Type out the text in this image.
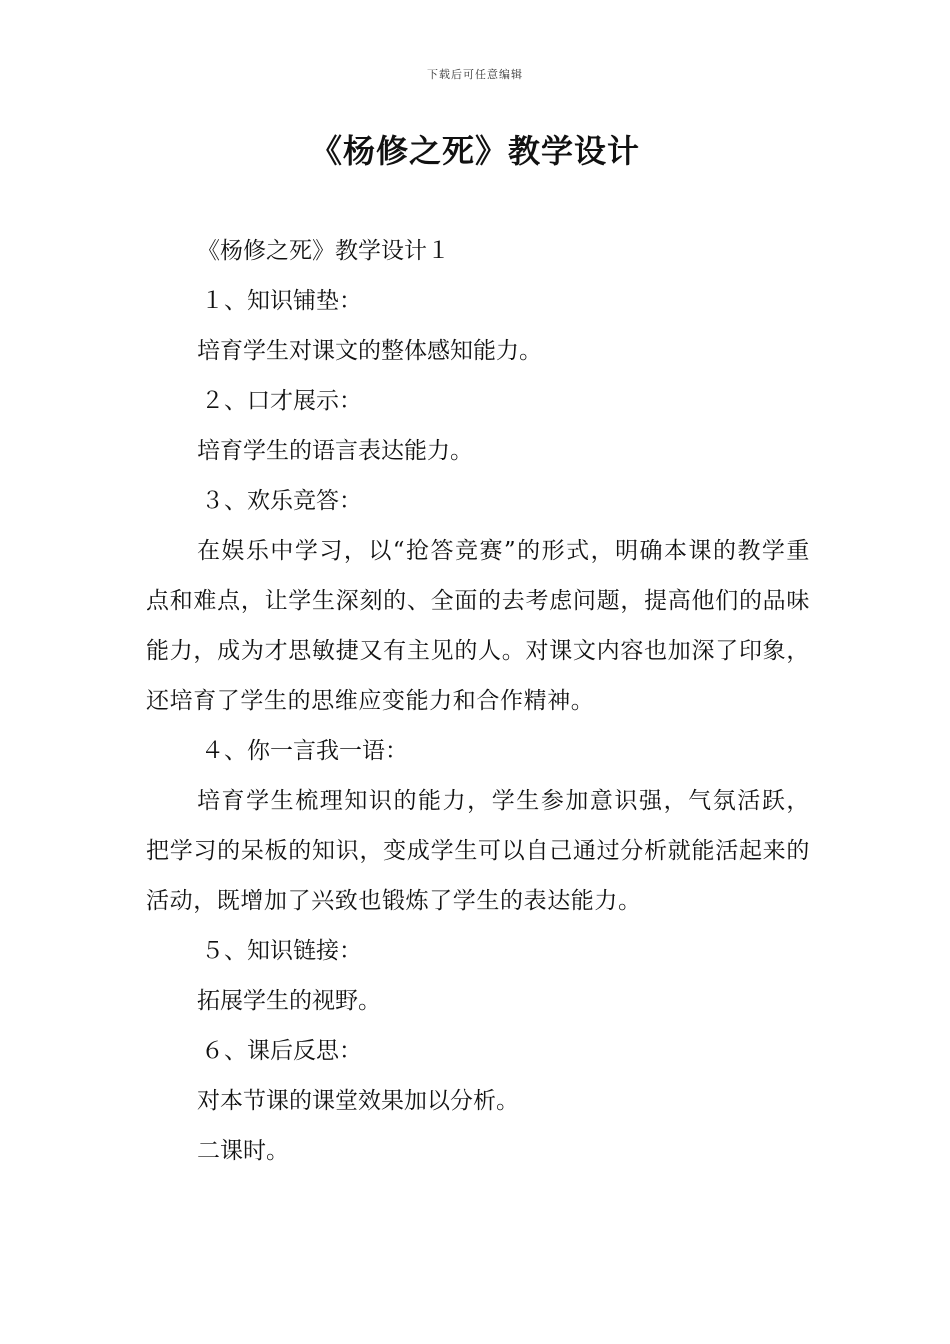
下载后可任意编辑
《杨修之死》教学设计
《杨修之死》教学设计１
１、知识铺垫：
培育学生对课文的整体感知能力。
２、口才展示：
培育学生的语言表达能力。
３、欢乐竞答：

在娱乐中学习，以“抢答竞赛”的形式，明确本课的教学重点和难点，让学生深刻的、全面的去考虑问题，提高他们的品味能力，成为才思敏捷又有主见的人。对课文内容也加深了印象，还培育了学生的思维应变能力和合作精神。

４、你一言我一语：

培育学生梳理知识的能力，学生参加意识强，气氛活跃，把学习的呆板的知识，变成学生可以自己通过分析就能活起来的活动，既增加了兴致也锻炼了学生的表达能力。

５、知识链接：
拓展学生的视野。
６、课后反思：
对本节课的课堂效果加以分析。
二课时。
